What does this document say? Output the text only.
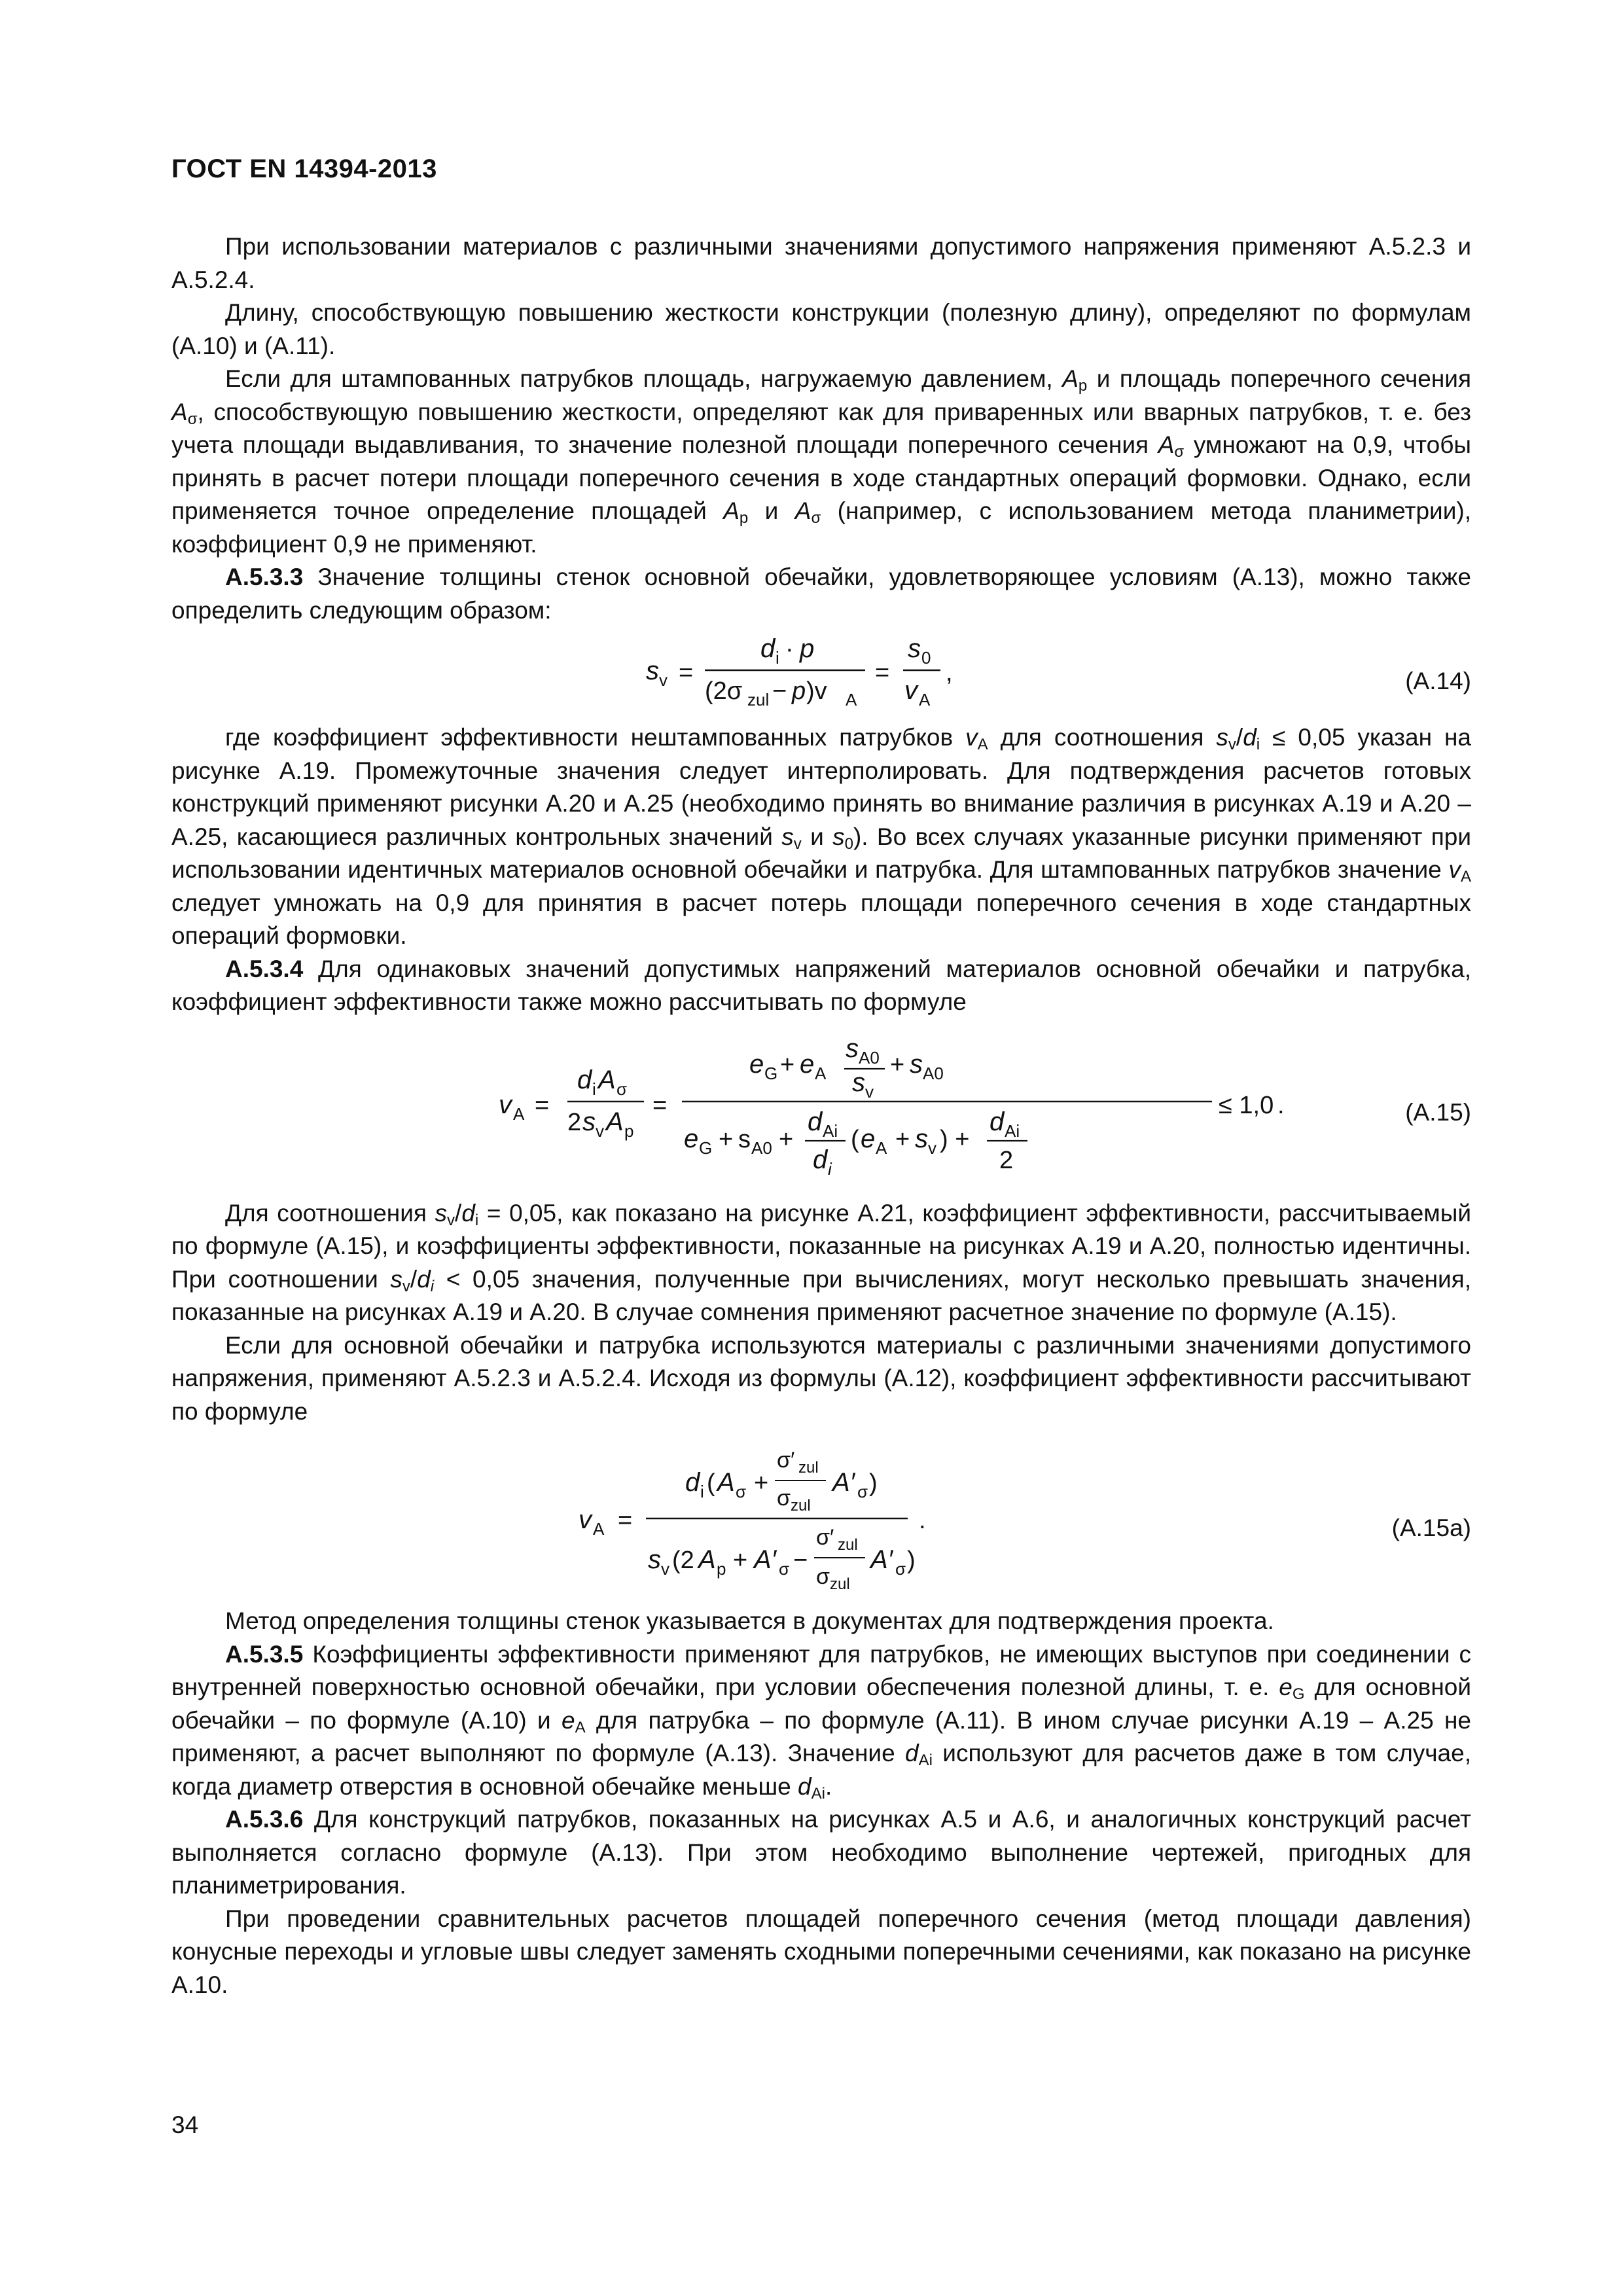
ГОСТ EN 14394-2013

При использовании материалов с различными значениями допустимого напряжения применяют А.5.2.3 и А.5.2.4.

Длину, способствующую повышению жесткости конструкции (полезную длину), определяют по формулам (А.10) и (А.11).

Если для штампованных патрубков площадь, нагружаемую давлением, $A_p$ и площадь поперечного сечения $A_\sigma$, способствующую повышению жесткости, определяют как для приваренных или вварных патрубков, т. е. без учета площади выдавливания, то значение полезной площади поперечного сечения $A_\sigma$ умножают на 0,9, чтобы принять в расчет потери площади поперечного сечения в ходе стандартных операций формовки. Однако, если применяется точное определение площадей $A_p$ и $A_\sigma$ (например, с использованием метода планиметрии), коэффициент 0,9 не применяют.

А.5.3.3 Значение толщины стенок основной обечайки, удовлетворяющее условиям (А.13), можно также определить следующим образом:

s v =
d i · p
(2σ zul − p )v A
=
s 0
v A
,	(А.14)

где коэффициент эффективности нештампованных патрубков $v_A$ для соотношения $s_v/d_i \le 0,05$ указан на рисунке А.19. Промежуточные значения следует интерполировать. Для подтверждения расчетов готовых конструкций применяют рисунки А.20 и А.25 (необходимо принять во внимание различия в рисунках А.19 и А.20 – А.25, касающиеся различных контрольных значений $s_v$ и $s_0$). Во всех случаях указанные рисунки применяют при использовании идентичных материалов основной обечайки и патрубка. Для штампованных патрубков значение $v_A$ следует умножать на 0,9 для принятия в расчет потерь площади поперечного сечения в ходе стандартных операций формовки.

А.5.3.4 Для одинаковых значений допустимых напряжений материалов основной обечайки и патрубка, коэффициент эффективности также можно рассчитывать по формуле

v A =
d i A σ
2 s v A p
=
e G + e A
s A0
s v
+ s A0
e G + s A0 +
d Ai
d i
( e A + s v ) +
d Ai
2
≤ 1,0 .	(А.15)

Для соотношения $s_v/d_i = 0,05$, как показано на рисунке А.21, коэффициент эффективности, рассчитываемый по формуле (А.15), и коэффициенты эффективности, показанные на рисунках А.19 и А.20, полностью идентичны. При соотношении $s_v/d_i < 0,05$ значения, полученные при вычислениях, могут несколько превышать значения, показанные на рисунках А.19 и А.20. В случае сомнения применяют расчетное значение по формуле (А.15).

Если для основной обечайки и патрубка используются материалы с различными значениями допустимого напряжения, применяют А.5.2.3 и А.5.2.4. Исходя из формулы (А.12), коэффициент эффективности рассчитывают по формуле

v A =
d i ( A σ +
σ′ zul
σ zul
A′ σ )
s v (2 A p + A′ σ −
σ′ zul
σ zul
A′ σ )
.	(А.15а)

Метод определения толщины стенок указывается в документах для подтверждения проекта.

А.5.3.5 Коэффициенты эффективности применяют для патрубков, не имеющих выступов при соединении с внутренней поверхностью основной обечайки, при условии обеспечения полезной длины, т. е. $e_G$ для основной обечайки – по формуле (А.10) и $e_A$ для патрубка – по формуле (А.11). В ином случае рисунки А.19 – А.25 не применяют, а расчет выполняют по формуле (А.13). Значение $d_{Ai}$ используют для расчетов даже в том случае, когда диаметр отверстия в основной обечайке меньше $d_{Ai}$.

А.5.3.6 Для конструкций патрубков, показанных на рисунках А.5 и А.6, и аналогичных конструкций расчет выполняется согласно формуле (А.13). При этом необходимо выполнение чертежей, пригодных для планиметрирования.

При проведении сравнительных расчетов площадей поперечного сечения (метод площади давления) конусные переходы и угловые швы следует заменять сходными поперечными сечениями, как показано на рисунке А.10.

34
